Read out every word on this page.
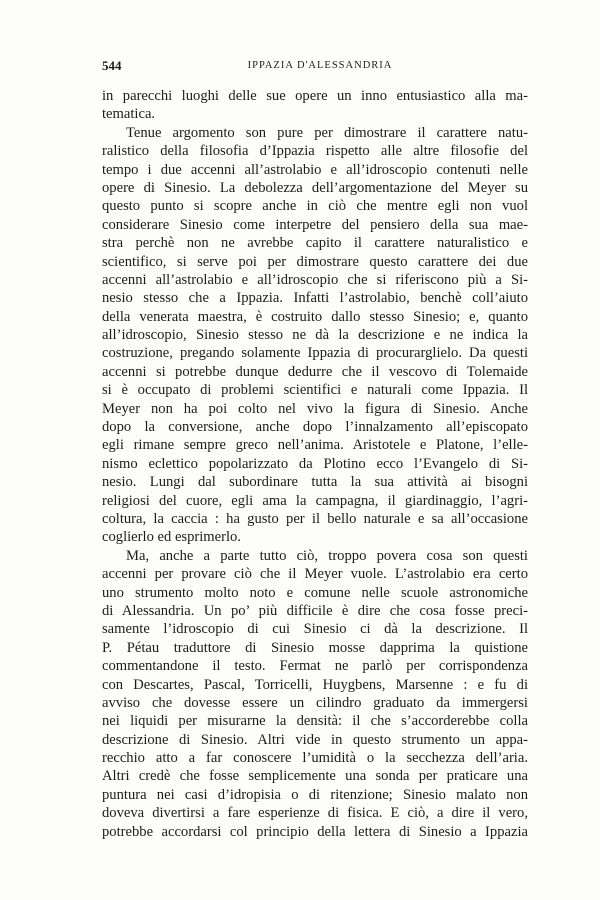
544	IPPAZIA D'ALESSANDRIA
in parecchi luoghi delle sue opere un inno entusiastico alla ma-
tematica.
Tenue argomento son pure per dimostrare il carattere natu-
ralistico della filosofia d’Ippazia rispetto alle altre filosofie del
tempo i due accenni all’astrolabio e all’idroscopio contenuti nelle
opere di Sinesio. La debolezza dell’argomentazione del Meyer su
questo punto si scopre anche in ciò che mentre egli non vuol
considerare Sinesio come interpetre del pensiero della sua mae-
stra perchè non ne avrebbe capito il carattere naturalistico e
scientifico, si serve poi per dimostrare questo carattere dei due
accenni all’astrolabio e all’idroscopio che si riferiscono più a Si-
nesio stesso che a Ippazia. Infatti l’astrolabio, benchè coll’aiuto
della venerata maestra, è costruito dallo stesso Sinesio; e, quanto
all’idroscopio, Sinesio stesso ne dà la descrizione e ne indica la
costruzione, pregando solamente Ippazia di procurarglielo. Da questi
accenni si potrebbe dunque dedurre che il vescovo di Tolemaide
si è occupato di problemi scientifici e naturali come Ippazia. Il
Meyer non ha poi colto nel vivo la figura di Sinesio. Anche
dopo la conversione, anche dopo l’innalzamento all’episcopato
egli rimane sempre greco nell’anima. Aristotele e Platone, l’elle-
nismo eclettico popolarizzato da Plotino ecco l’Evangelo di Si-
nesio. Lungi dal subordinare tutta la sua attività ai bisogni
religiosi del cuore, egli ama la campagna, il giardinaggio, l’agri-
coltura, la caccia : ha gusto per il bello naturale e sa all’occasione
coglierlo ed esprimerlo.
Ma, anche a parte tutto ciò, troppo povera cosa son questi
accenni per provare ciò che il Meyer vuole. L’astrolabio era certo
uno strumento molto noto e comune nelle scuole astronomiche
di Alessandria. Un po’ più difficile è dire che cosa fosse preci-
samente l’idroscopio di cui Sinesio ci dà la descrizione. Il
P. Pétau traduttore di Sinesio mosse dapprima la quistione
commentandone il testo. Fermat ne parlò per corrispondenza
con Descartes, Pascal, Torricelli, Huygbens, Marsenne : e fu di
avviso che dovesse essere un cilindro graduato da immergersi
nei liquidi per misurarne la densità: il che s’accorderebbe colla
descrizione di Sinesio. Altri vide in questo strumento un appa-
recchio atto a far conoscere l’umidità o la secchezza dell’aria.
Altri credè che fosse semplicemente una sonda per praticare una
puntura nei casi d’idropisia o di ritenzione; Sinesio malato non
doveva divertirsi a fare esperienze di fisica. E ciò, a dire il vero,
potrebbe accordarsi col principio della lettera di Sinesio a Ippazia
